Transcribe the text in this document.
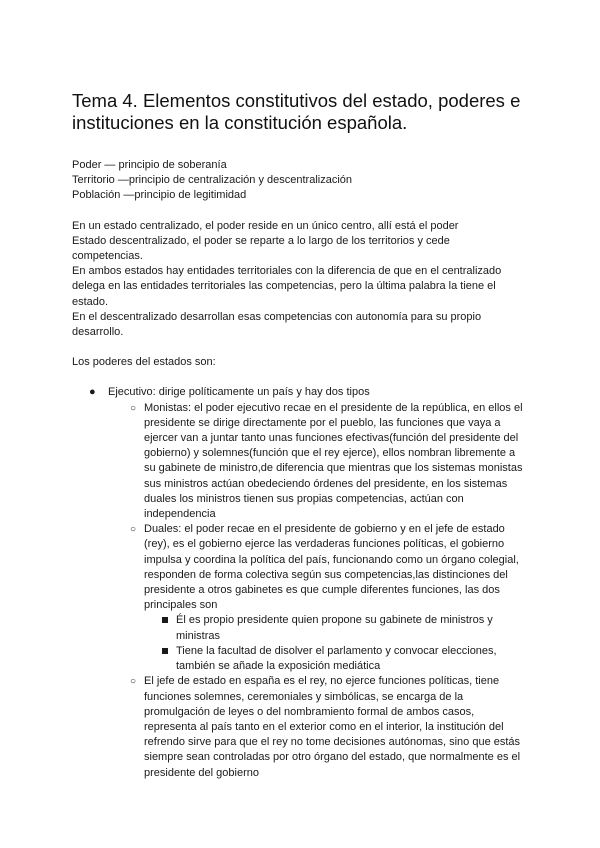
Tema 4. Elementos constitutivos del estado, poderes e instituciones en la constitución española.
Poder — principio de soberanía
Territorio —principio de centralización y descentralización
Población —principio de legitimidad
En un estado centralizado, el poder reside en un único centro, allí está el poder
Estado descentralizado, el poder se reparte a lo largo de los territorios y cede
competencias.
En ambos estados hay entidades territoriales con la diferencia de que en el centralizado
delega en las entidades territoriales las competencias, pero la última palabra la tiene el
estado.
En el descentralizado desarrollan esas competencias con autonomía para su propio
desarrollo.
Los poderes del estados son:
● Ejecutivo: dirige políticamente un país y hay dos tipos
○ Monistas: el poder ejecutivo recae en el presidente de la república, en ellos el
presidente se dirige directamente por el pueblo, las funciones que vaya a
ejercer van a juntar tanto unas funciones efectivas(función del presidente del
gobierno) y solemnes(función que el rey ejerce), ellos nombran libremente a
su gabinete de ministro,de diferencia que mientras que los sistemas monistas
sus ministros actúan obedeciendo órdenes del presidente, en los sistemas
duales los ministros tienen sus propias competencias, actúan con
independencia
○ Duales: el poder recae en el presidente de gobierno y en el jefe de estado
(rey), es el gobierno ejerce las verdaderas funciones políticas, el gobierno
impulsa y coordina la política del país, funcionando como un órgano colegial,
responden de forma colectiva según sus competencias,las distinciones del
presidente a otros gabinetes es que cumple diferentes funciones, las dos
principales son
Él es propio presidente quien propone su gabinete de ministros y
ministras
Tiene la facultad de disolver el parlamento y convocar elecciones,
también se añade la exposición mediática
○ El jefe de estado en españa es el rey, no ejerce funciones políticas, tiene
funciones solemnes, ceremoniales y simbólicas, se encarga de la
promulgación de leyes o del nombramiento formal de ambos casos,
representa al país tanto en el exterior como en el interior, la institución del
refrendo sirve para que el rey no tome decisiones autónomas, sino que estás
siempre sean controladas por otro órgano del estado, que normalmente es el
presidente del gobierno
